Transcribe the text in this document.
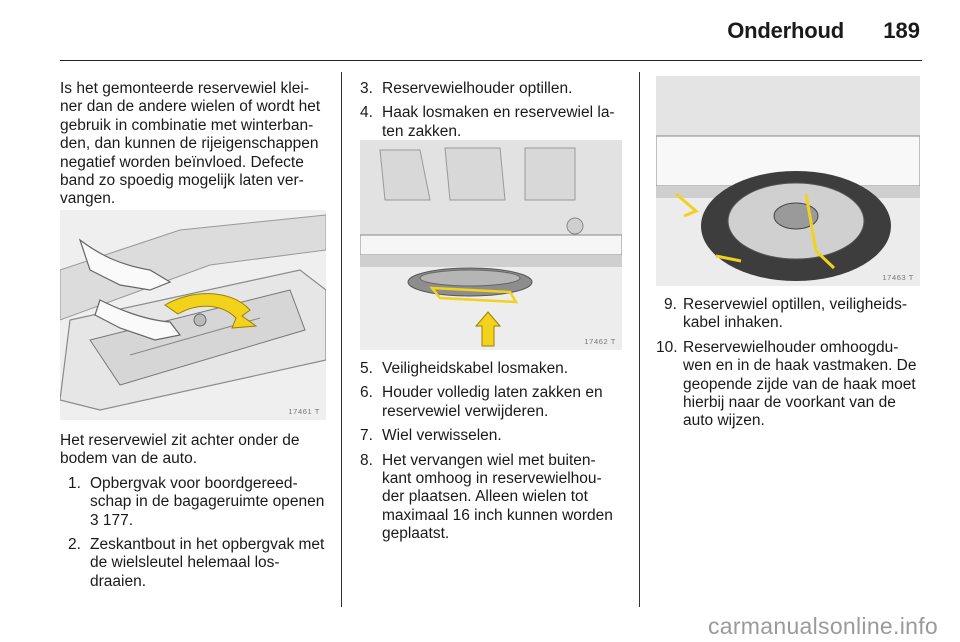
Onderhoud 189

Is het gemonteerde reservewiel klei-ner dan de andere wielen of wordt het gebruik in combinatie met winterban-den, dan kunnen de rijeigenschappen negatief worden beïnvloed. Defecte band zo spoedig mogelijk laten ver-vangen.

17461 T

Het reservewiel zit achter onder de bodem van de auto.

1. Opbergvak voor boordgereed-schap in de bagageruimte openen
3 177.
2. Zeskantbout in het opbergvak met de wielsleutel helemaal los-draaien.
3. Reservewielhouder optillen.
4. Haak losmaken en reservewiel la-ten zakken.
17462 T
5. Veiligheidskabel losmaken.
6. Houder volledig laten zakken en reservewiel verwijderen.
7. Wiel verwisselen.
8. Het vervangen wiel met buiten-kant omhoog in reservewielhou-der plaatsen. Alleen wielen tot maximaal 16 inch kunnen worden geplaatst.
17463 T
9. Reservewiel optillen, veiligheids-kabel inhaken.
10. Reservewielhouder omhoogdu-wen en in de haak vastmaken. De geopende zijde van de haak moet hierbij naar de voorkant van de auto wijzen.
carmanualsonline.info
